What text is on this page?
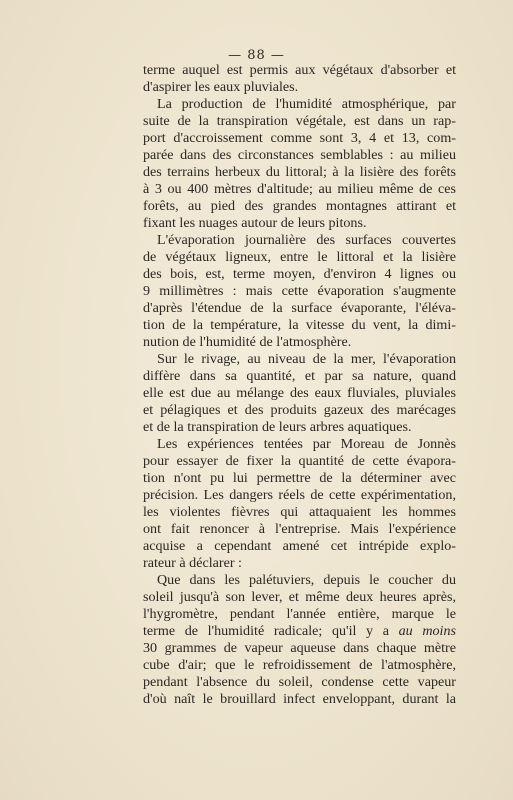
— 88 —
terme auquel est permis aux végétaux d'absorber et
d'aspirer les eaux pluviales.
La production de l'humidité atmosphérique, par
suite de la transpiration végétale, est dans un rap-
port d'accroissement comme sont 3, 4 et 13, com-
parée dans des circonstances semblables : au milieu
des terrains herbeux du littoral; à la lisière des forêts
à 3 ou 400 mètres d'altitude; au milieu même de ces
forêts, au pied des grandes montagnes attirant et
fixant les nuages autour de leurs pitons.
L'évaporation journalière des surfaces couvertes
de végétaux ligneux, entre le littoral et la lisière
des bois, est, terme moyen, d'environ 4 lignes ou
9 millimètres : mais cette évaporation s'augmente
d'après l'étendue de la surface évaporante, l'éléva-
tion de la température, la vitesse du vent, la dimi-
nution de l'humidité de l'atmosphère.
Sur le rivage, au niveau de la mer, l'évaporation
diffère dans sa quantité, et par sa nature, quand
elle est due au mélange des eaux fluviales, pluviales
et pélagiques et des produits gazeux des marécages
et de la transpiration de leurs arbres aquatiques.
Les expériences tentées par Moreau de Jonnès
pour essayer de fixer la quantité de cette évapora-
tion n'ont pu lui permettre de la déterminer avec
précision. Les dangers réels de cette expérimentation,
les violentes fièvres qui attaquaient les hommes
ont fait renoncer à l'entreprise. Mais l'expérience
acquise a cependant amené cet intrépide explo-
rateur à déclarer :
Que dans les palétuviers, depuis le coucher du
soleil jusqu'à son lever, et même deux heures après,
l'hygromètre, pendant l'année entière, marque le
terme de l'humidité radicale; qu'il y a au moins
30 grammes de vapeur aqueuse dans chaque mètre
cube d'air; que le refroidissement de l'atmosphère,
pendant l'absence du soleil, condense cette vapeur
d'où naît le brouillard infect enveloppant, durant la
